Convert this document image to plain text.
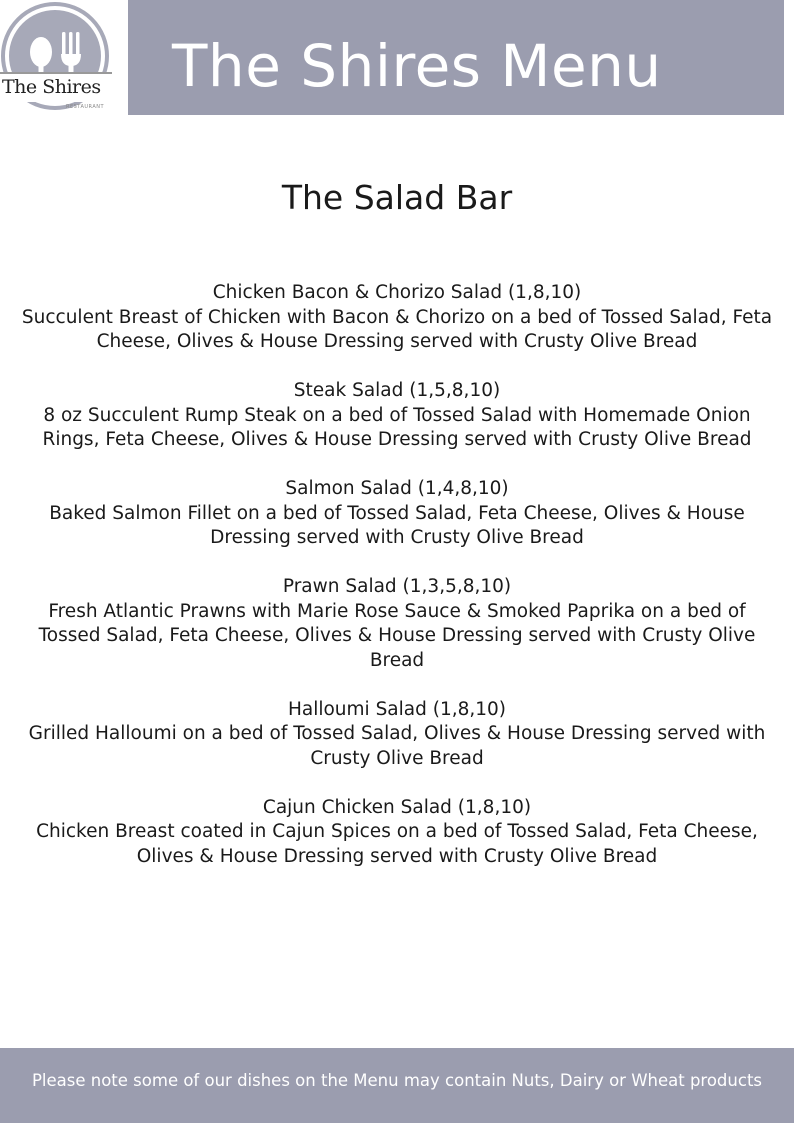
The Shires
RESTAURANT
The Shires Menu
The Salad Bar
Chicken Bacon & Chorizo Salad (1,8,10)
Succulent Breast of Chicken with Bacon & Chorizo on a bed of Tossed Salad, Feta Cheese, Olives & House Dressing served with Crusty Olive Bread
Steak Salad (1,5,8,10)
8 oz Succulent Rump Steak on a bed of Tossed Salad with Homemade Onion Rings, Feta Cheese, Olives & House Dressing served with Crusty Olive Bread
Salmon Salad (1,4,8,10)
Baked Salmon Fillet on a bed of Tossed Salad, Feta Cheese, Olives & House Dressing served with Crusty Olive Bread
Prawn Salad (1,3,5,8,10)
Fresh Atlantic Prawns with Marie Rose Sauce & Smoked Paprika on a bed of Tossed Salad, Feta Cheese, Olives & House Dressing served with Crusty Olive Bread
Halloumi Salad (1,8,10)
Grilled Halloumi on a bed of Tossed Salad, Olives & House Dressing served with Crusty Olive Bread
Cajun Chicken Salad (1,8,10)
Chicken Breast coated in Cajun Spices on a bed of Tossed Salad, Feta Cheese, Olives & House Dressing served with Crusty Olive Bread
Please note some of our dishes on the Menu may contain Nuts, Dairy or Wheat products
